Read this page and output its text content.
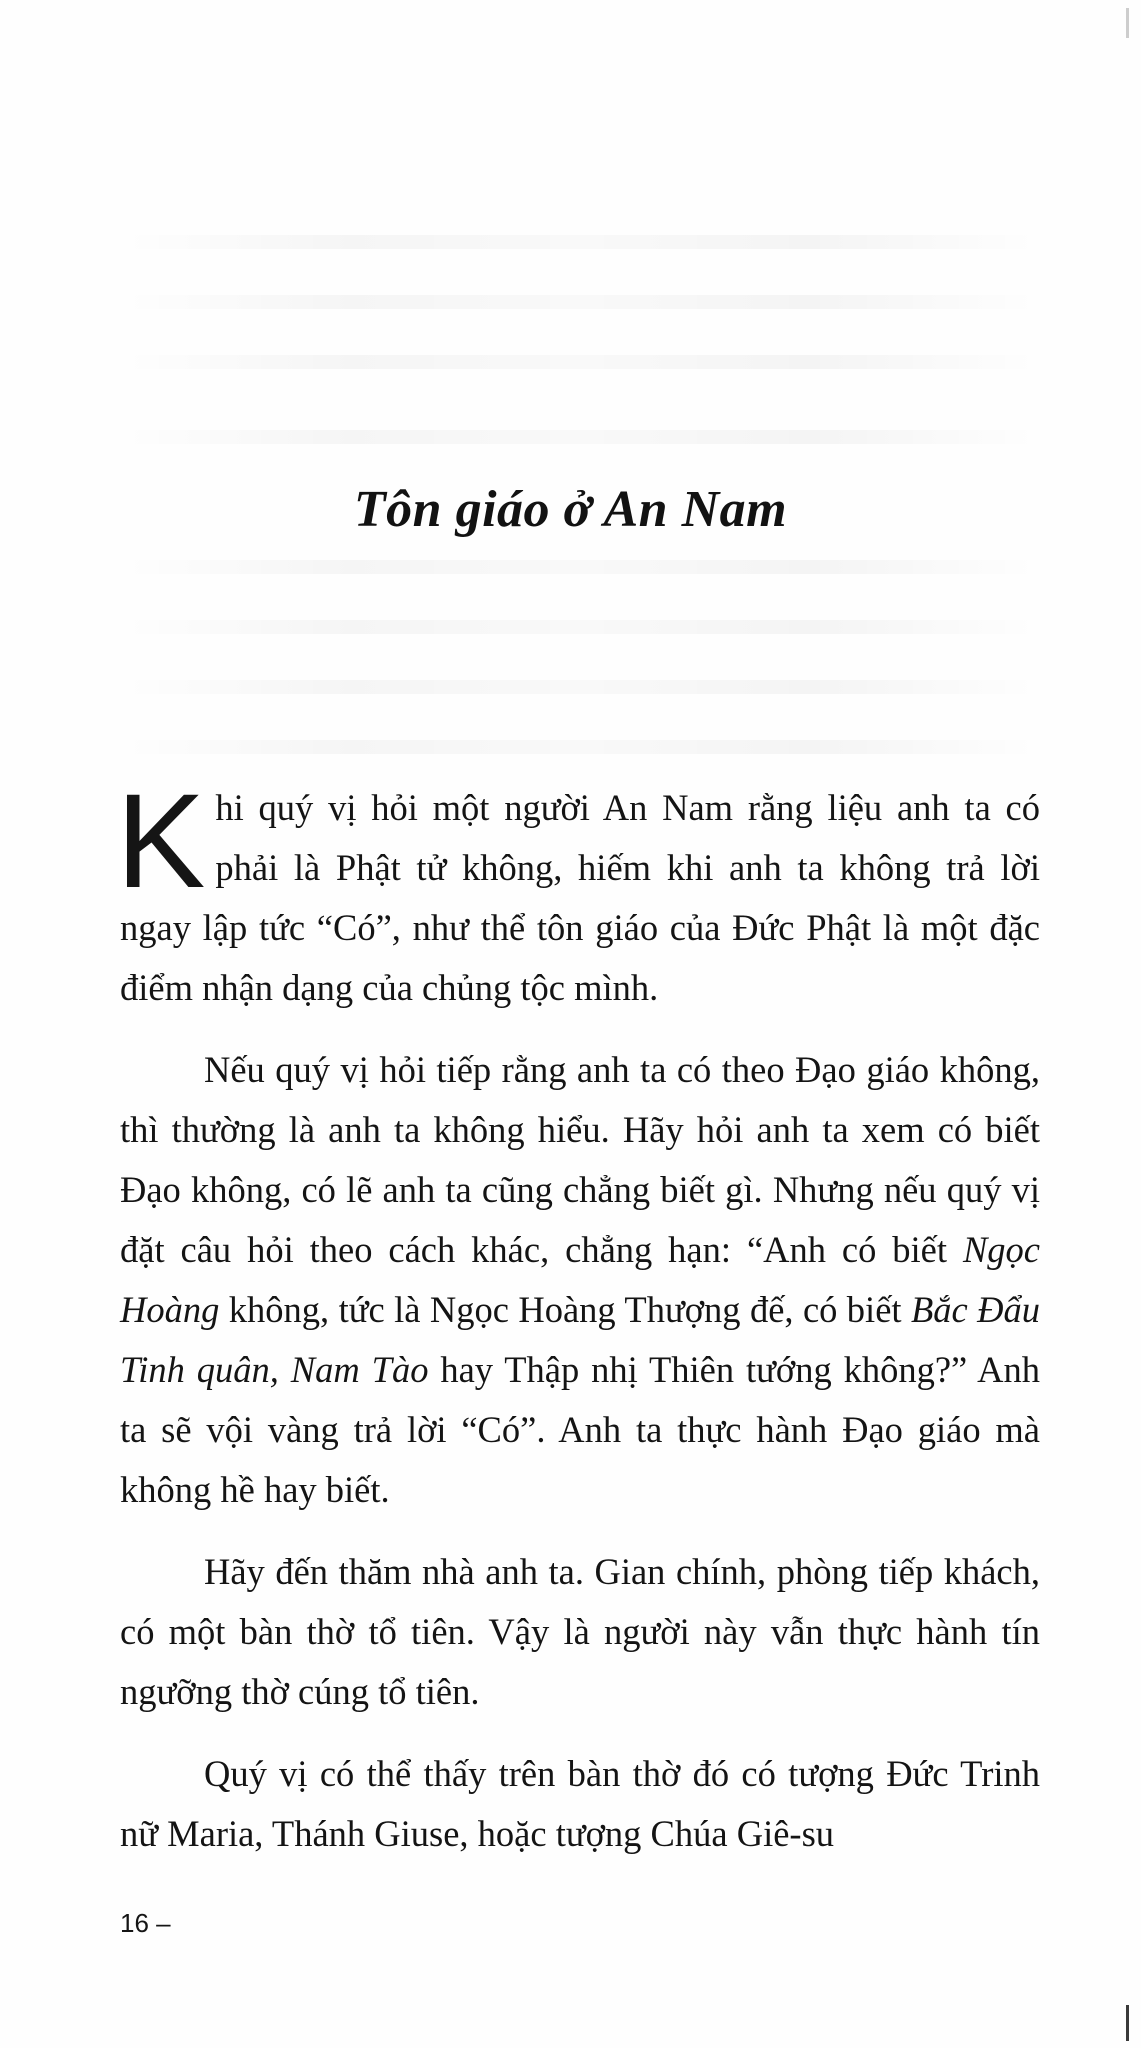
Tôn giáo ở An Nam

Khi quý vị hỏi một người An Nam rằng liệu anh ta có phải là Phật tử không, hiếm khi anh ta không trả lời ngay lập tức “Có”, như thể tôn giáo của Đức Phật là một đặc điểm nhận dạng của chủng tộc mình.

Nếu quý vị hỏi tiếp rằng anh ta có theo Đạo giáo không, thì thường là anh ta không hiểu. Hãy hỏi anh ta xem có biết Đạo không, có lẽ anh ta cũng chẳng biết gì. Nhưng nếu quý vị đặt câu hỏi theo cách khác, chẳng hạn: “Anh có biết Ngọc Hoàng không, tức là Ngọc Hoàng Thượng đế, có biết Bắc Đẩu Tinh quân, Nam Tào hay Thập nhị Thiên tướng không?” Anh ta sẽ vội vàng trả lời “Có”. Anh ta thực hành Đạo giáo mà không hề hay biết.

Hãy đến thăm nhà anh ta. Gian chính, phòng tiếp khách, có một bàn thờ tổ tiên. Vậy là người này vẫn thực hành tín ngưỡng thờ cúng tổ tiên.

Quý vị có thể thấy trên bàn thờ đó có tượng Đức Trinh nữ Maria, Thánh Giuse, hoặc tượng Chúa Giê-su

16 –
